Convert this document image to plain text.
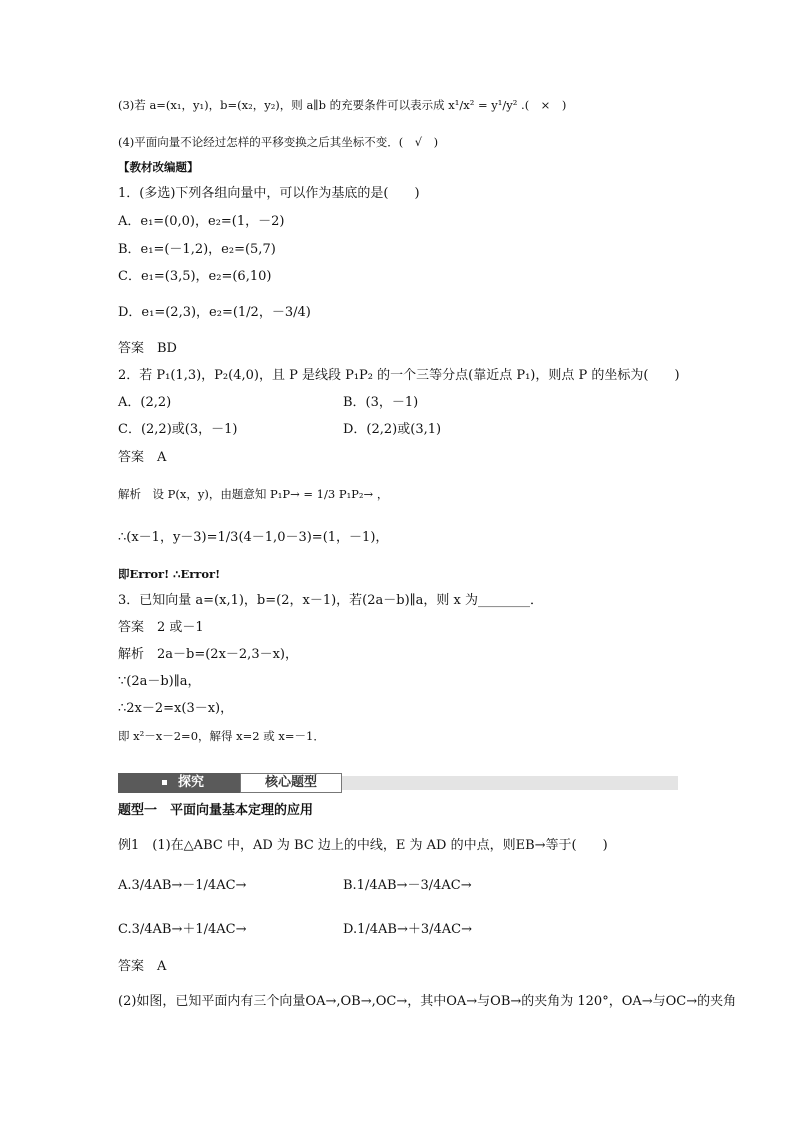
(3)若 a=(x₁，y₁)，b=(x₂，y₂)，则 a∥b 的充要条件可以表示成 x¹/x² = y¹/y² .(　×　)
(4)平面向量不论经过怎样的平移变换之后其坐标不变．(　√　)
【教材改编题】
1．(多选)下列各组向量中，可以作为基底的是(　　)
A．e₁=(0,0)，e₂=(1，－2)
B．e₁=(－1,2)，e₂=(5,7)
C．e₁=(3,5)，e₂=(6,10)
D．e₁=(2,3)，e₂=(1/2，－3/4)
答案　BD
2．若 P₁(1,3)，P₂(4,0)，且 P 是线段 P₁P₂ 的一个三等分点(靠近点 P₁)，则点 P 的坐标为(　　)
答案　A
解析　设 P(x，y)，由题意知 P₁P→ = 1/3 P₁P₂→ ，
∴(x－1，y－3)=1/3(4－1,0－3)=(1，－1)，
即Error! ∴Error!
3．已知向量 a=(x,1)，b=(2，x－1)，若(2a－b)∥a，则 x 为________．
答案　2 或－1
解析　2a－b=(2x－2,3－x)，
∵(2a－b)∥a，
∴2x－2=x(3－x)，
即 x²－x－2=0，解得 x=2 或 x=－1．
题型一　平面向量基本定理的应用
例1　(1)在△ABC 中，AD 为 BC 边上的中线，E 为 AD 的中点，则EB→等于(　　)
答案　A
(2)如图，已知平面内有三个向量OA→,OB→,OC→，其中OA→与OB→的夹角为 120°，OA→与OC→的夹角
A．(2,2)	B．(3，－1)
C．(2,2)或(3，－1)	D．(2,2)或(3,1)
A.3/4AB→－1/4AC→	B.1/4AB→－3/4AC→
C.3/4AB→＋1/4AC→	D.1/4AB→＋3/4AC→
探究	核心题型
